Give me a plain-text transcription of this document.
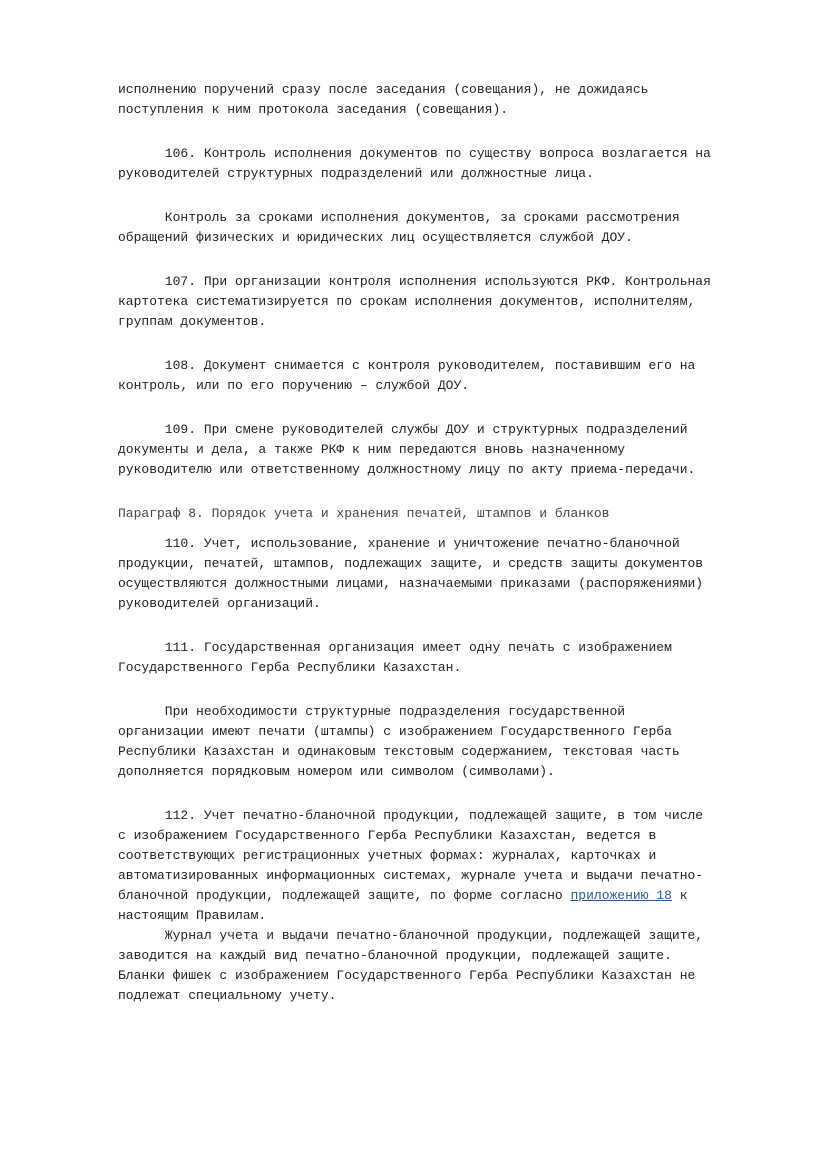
исполнению поручений сразу после заседания (совещания), не дожидаясь
поступления к ним протокола заседания (совещания).
106. Контроль исполнения документов по существу вопроса возлагается на
руководителей структурных подразделений или должностные лица.
Контроль за сроками исполнения документов, за сроками рассмотрения
обращений физических и юридических лиц осуществляется службой ДОУ.
107. При организации контроля исполнения используются РКФ. Контрольная
картотека систематизируется по срокам исполнения документов, исполнителям,
группам документов.
108. Документ снимается с контроля руководителем, поставившим его на
контроль, или по его поручению – службой ДОУ.
109. При смене руководителей службы ДОУ и структурных подразделений
документы и дела, а также РКФ к ним передаются вновь назначенному
руководителю или ответственному должностному лицу по акту приема-передачи.
Параграф 8. Порядок учета и хранения печатей, штампов и бланков
110. Учет, использование, хранение и уничтожение печатно-бланочной
продукции, печатей, штампов, подлежащих защите, и средств защиты документов
осуществляются должностными лицами, назначаемыми приказами (распоряжениями)
руководителей организаций.
111. Государственная организация имеет одну печать с изображением
Государственного Герба Республики Казахстан.
При необходимости структурные подразделения государственной
организации имеют печати (штампы) с изображением Государственного Герба
Республики Казахстан и одинаковым текстовым содержанием, текстовая часть
дополняется порядковым номером или символом (символами).
112. Учет печатно-бланочной продукции, подлежащей защите, в том числе
с изображением Государственного Герба Республики Казахстан, ведется в
соответствующих регистрационных учетных формах: журналах, карточках и
автоматизированных информационных системах, журнале учета и выдачи печатно-
бланочной продукции, подлежащей защите, по форме согласно приложению 18 к
настоящим Правилам.
Журнал учета и выдачи печатно-бланочной продукции, подлежащей защите,
заводится на каждый вид печатно-бланочной продукции, подлежащей защите.
Бланки фишек с изображением Государственного Герба Республики Казахстан не
подлежат специальному учету.
